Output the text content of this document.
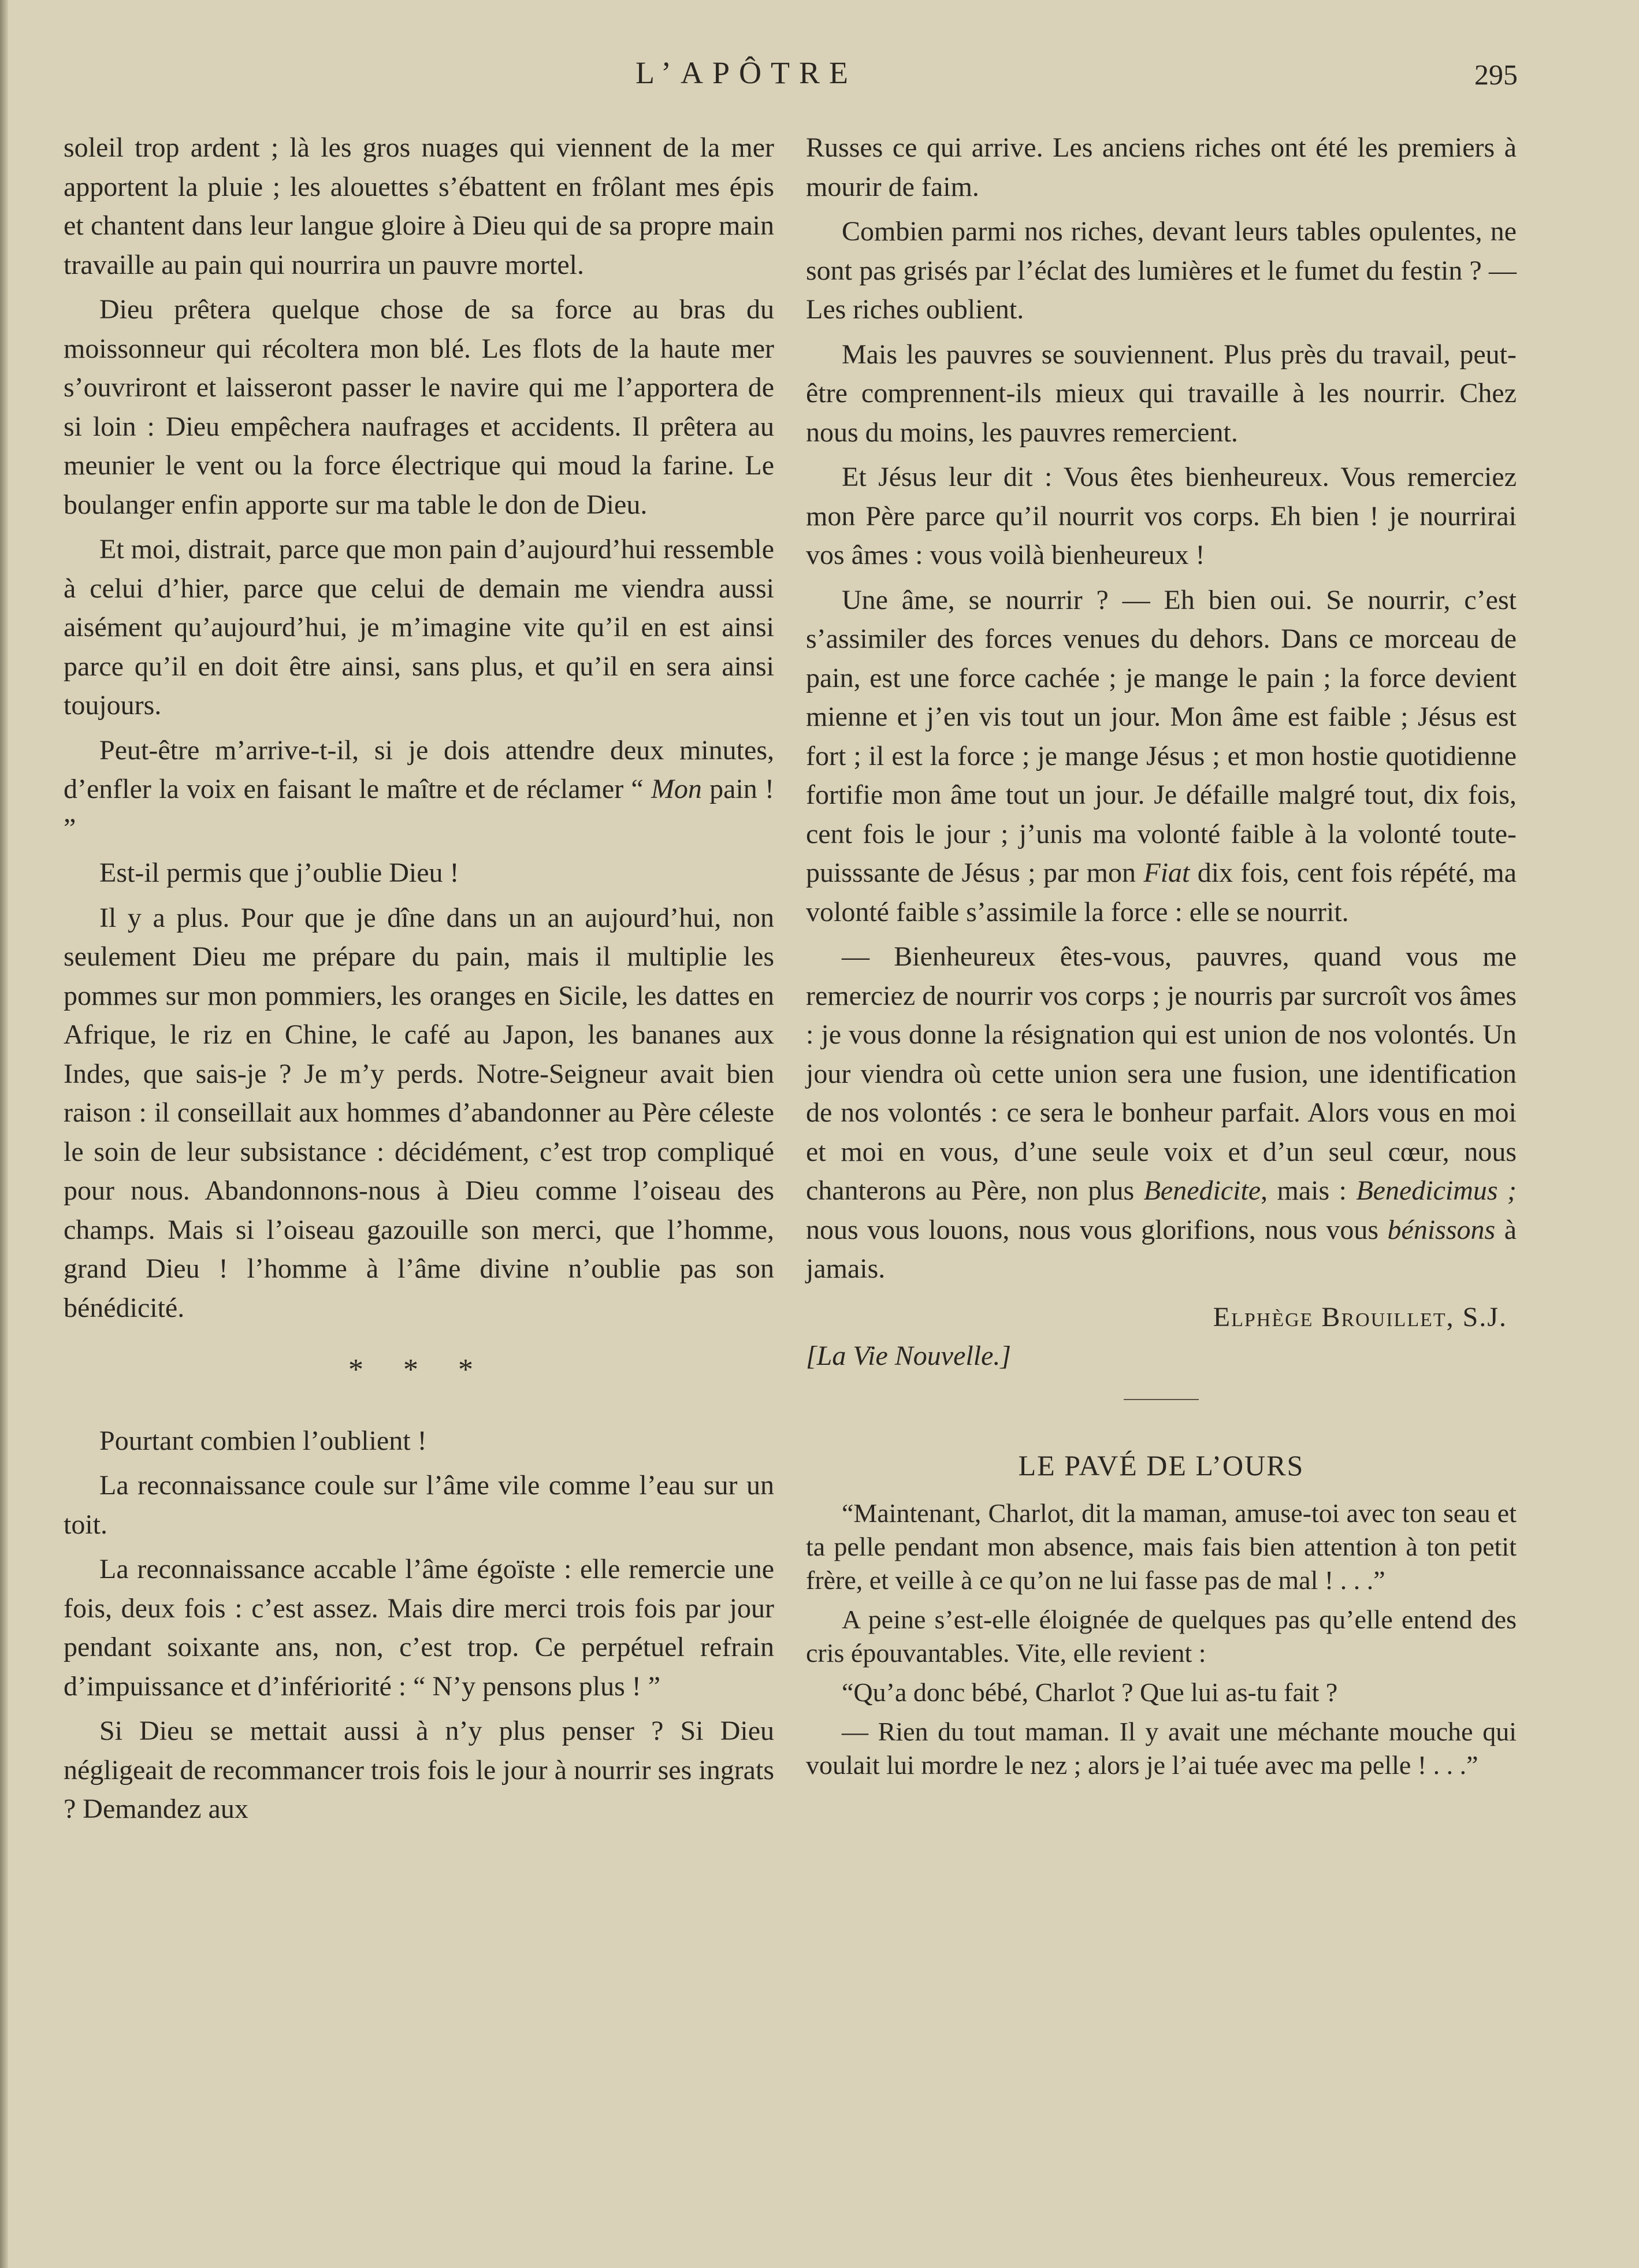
L’APÔTRE	295

soleil trop ardent ; là les gros nuages qui viennent de la mer apportent la pluie ; les alouettes s’ébattent en frôlant mes épis et chantent dans leur langue gloire à Dieu qui de sa propre main travaille au pain qui nourrira un pauvre mortel.

Dieu prêtera quelque chose de sa force au bras du moissonneur qui récoltera mon blé. Les flots de la haute mer s’ouvriront et laisseront passer le navire qui me l’apportera de si loin : Dieu empêchera naufrages et accidents. Il prêtera au meunier le vent ou la force électrique qui moud la farine. Le boulanger enfin apporte sur ma table le don de Dieu.

Et moi, distrait, parce que mon pain d’aujourd’hui ressemble à celui d’hier, parce que celui de demain me viendra aussi aisément qu’aujourd’hui, je m’imagine vite qu’il en est ainsi parce qu’il en doit être ainsi, sans plus, et qu’il en sera ainsi toujours.

Peut-être m’arrive-t-il, si je dois attendre deux minutes, d’enfler la voix en faisant le maître et de réclamer “ Mon pain ! ”

Est-il permis que j’oublie Dieu !

Il y a plus. Pour que je dîne dans un an aujourd’hui, non seulement Dieu me prépare du pain, mais il multiplie les pommes sur mon pommiers, les oranges en Sicile, les dattes en Afrique, le riz en Chine, le café au Japon, les bananes aux Indes, que sais-je ? Je m’y perds. Notre-Seigneur avait bien raison : il conseillait aux hommes d’abandonner au Père céleste le soin de leur subsistance : décidément, c’est trop compliqué pour nous. Abandonnons-nous à Dieu comme l’oiseau des champs. Mais si l’oiseau gazouille son merci, que l’homme, grand Dieu ! l’homme à l’âme divine n’oublie pas son bénédicité.

* * *

Pourtant combien l’oublient !

La reconnaissance coule sur l’âme vile comme l’eau sur un toit.

La reconnaissance accable l’âme égoïste : elle remercie une fois, deux fois : c’est assez. Mais dire merci trois fois par jour pendant soixante ans, non, c’est trop. Ce perpétuel refrain d’impuissance et d’infériorité : “ N’y pensons plus ! ”

Si Dieu se mettait aussi à n’y plus penser ? Si Dieu négligeait de recommancer trois fois le jour à nourrir ses ingrats ? Demandez aux

Russes ce qui arrive. Les anciens riches ont été les premiers à mourir de faim.

Combien parmi nos riches, devant leurs tables opulentes, ne sont pas grisés par l’éclat des lumières et le fumet du festin ? — Les riches oublient.

Mais les pauvres se souviennent. Plus près du travail, peut-être comprennent-ils mieux qui travaille à les nourrir. Chez nous du moins, les pauvres remercient.

Et Jésus leur dit : Vous êtes bienheureux. Vous remerciez mon Père parce qu’il nourrit vos corps. Eh bien ! je nourrirai vos âmes : vous voilà bienheureux !

Une âme, se nourrir ? — Eh bien oui. Se nourrir, c’est s’assimiler des forces venues du dehors. Dans ce morceau de pain, est une force cachée ; je mange le pain ; la force devient mienne et j’en vis tout un jour. Mon âme est faible ; Jésus est fort ; il est la force ; je mange Jésus ; et mon hostie quotidienne fortifie mon âme tout un jour. Je défaille malgré tout, dix fois, cent fois le jour ; j’unis ma volonté faible à la volonté toute-puisssante de Jésus ; par mon Fiat dix fois, cent fois répété, ma volonté faible s’assimile la force : elle se nourrit.

— Bienheureux êtes-vous, pauvres, quand vous me remerciez de nourrir vos corps ; je nourris par surcroît vos âmes : je vous donne la résignation qui est union de nos volontés. Un jour viendra où cette union sera une fusion, une identification de nos volontés : ce sera le bonheur parfait. Alors vous en moi et moi en vous, d’une seule voix et d’un seul cœur, nous chanterons au Père, non plus Benedicite, mais : Benedicimus ; nous vous louons, nous vous glorifions, nous vous bénissons à jamais.

Elphège Brouillet, S.J.
[La Vie Nouvelle.]
LE PAVÉ DE L’OURS

“Maintenant, Charlot, dit la maman, amuse-toi avec ton seau et ta pelle pendant mon absence, mais fais bien attention à ton petit frère, et veille à ce qu’on ne lui fasse pas de mal ! . . .”

A peine s’est-elle éloignée de quelques pas qu’elle entend des cris épouvantables. Vite, elle revient :

“Qu’a donc bébé, Charlot ? Que lui as-tu fait ?

— Rien du tout maman. Il y avait une méchante mouche qui voulait lui mordre le nez ; alors je l’ai tuée avec ma pelle ! . . .”
